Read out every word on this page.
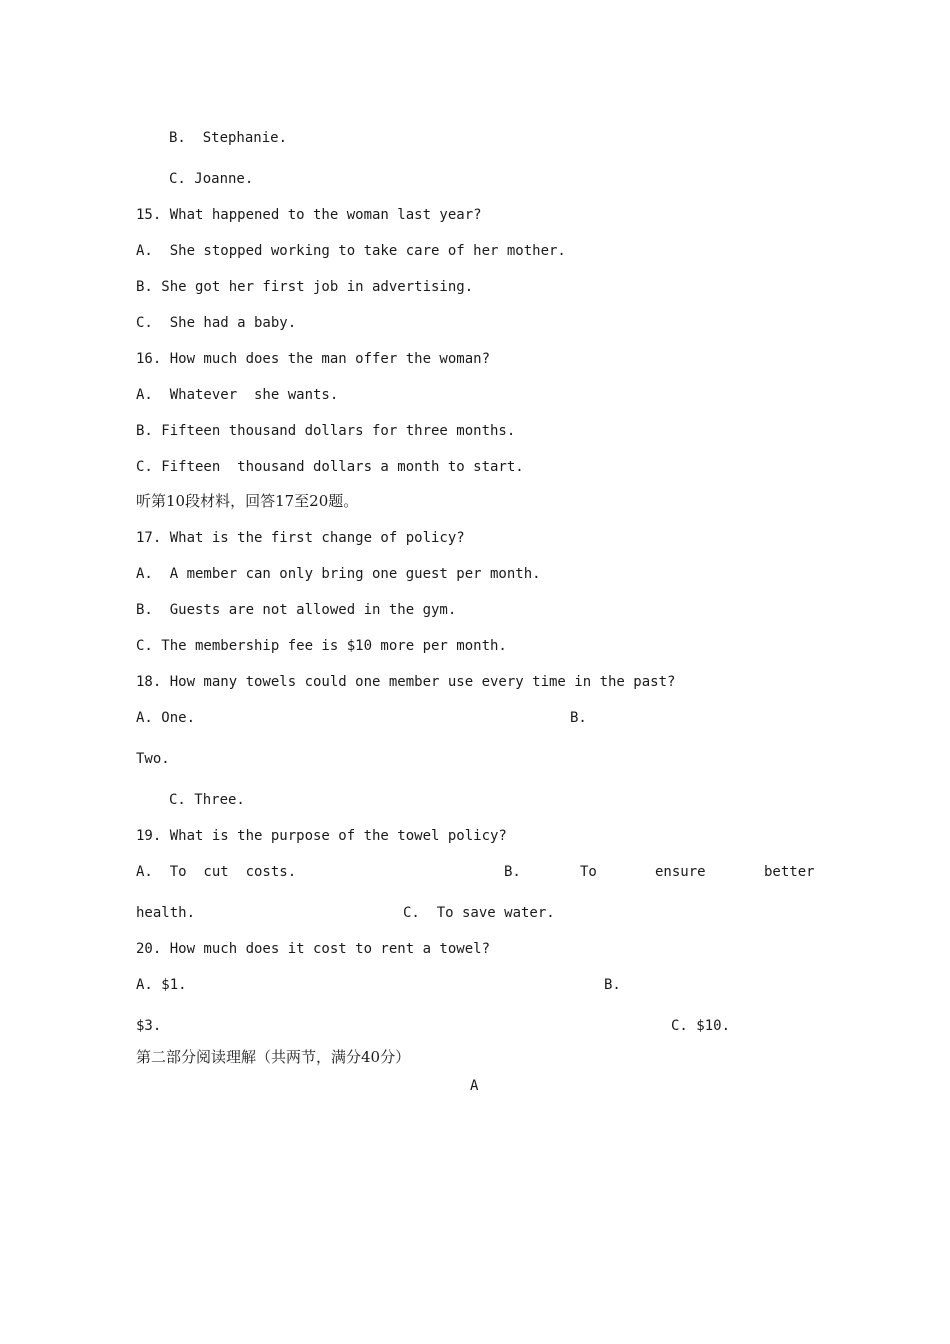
B.  Stephanie.
C. Joanne.
15. What happened to the woman last year?
A.  She stopped working to take care of her mother.
B. She got her first job in advertising.
C.  She had a baby.
16. How much does the man offer the woman?
A.  Whatever  she wants.
B. Fifteen thousand dollars for three months.
C. Fifteen  thousand dollars a month to start.
听第10段材料，回答17至20题。
17. What is the first change of policy?
A.  A member can only bring one guest per month.
B.  Guests are not allowed in the gym.
C. The membership fee is $10 more per month.
18. How many towels could one member use every time in the past?
A. One.	B.
Two.
C. Three.
19. What is the purpose of the towel policy?
A.  To  cut  costs.	B.	To	ensure	better
health.	C.  To save water.
20. How much does it cost to rent a towel?
A. $1.	B.
$3.	C. $10.
第二部分阅读理解（共两节，满分40分）
A
